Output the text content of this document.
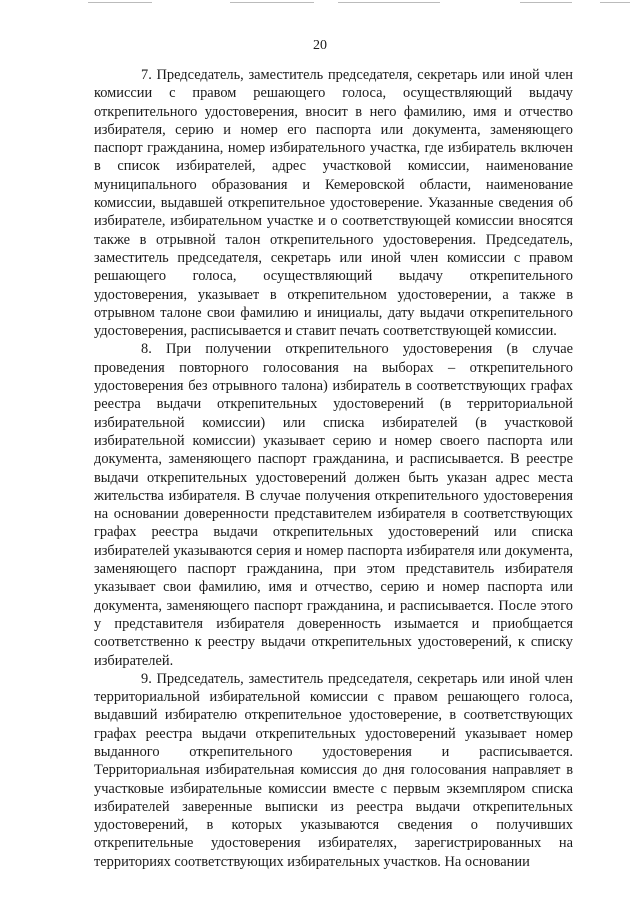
20

7. Председатель, заместитель председателя, секретарь или иной член комиссии с правом решающего голоса, осуществляющий выдачу открепительного удостоверения, вносит в него фамилию, имя и отчество избирателя, серию и номер его паспорта или документа, заменяющего паспорт гражданина, номер избирательного участка, где избиратель включен в список избирателей, адрес участковой комиссии, наименование муниципального образования и Кемеровской области, наименование комиссии, выдавшей открепительное удостоверение. Указанные сведения об избирателе, избирательном участке и о соответствующей комиссии вносятся также в отрывной талон открепительного удостоверения. Председатель, заместитель председателя, секретарь или иной член комиссии с правом решающего голоса, осуществляющий выдачу открепительного удостоверения, указывает в открепительном удостоверении, а также в отрывном талоне свои фамилию и инициалы, дату выдачи открепительного удостоверения, расписывается и ставит печать соответствующей комиссии.

8. При получении открепительного удостоверения (в случае проведения повторного голосования на выборах – открепительного удостоверения без отрывного талона) избиратель в соответствующих графах реестра выдачи открепительных удостоверений (в территориальной избирательной комиссии) или списка избирателей (в участковой избирательной комиссии) указывает серию и номер своего паспорта или документа, заменяющего паспорт гражданина, и расписывается. В реестре выдачи открепительных удостоверений должен быть указан адрес места жительства избирателя. В случае получения открепительного удостоверения на основании доверенности представителем избирателя в соответствующих графах реестра выдачи открепительных удостоверений или списка избирателей указываются серия и номер паспорта избирателя или документа, заменяющего паспорт гражданина, при этом представитель избирателя указывает свои фамилию, имя и отчество, серию и номер паспорта или документа, заменяющего паспорт гражданина, и расписывается. После этого у представителя избирателя доверенность изымается и приобщается соответственно к реестру выдачи открепительных удостоверений, к списку избирателей.

9. Председатель, заместитель председателя, секретарь или иной член территориальной избирательной комиссии с правом решающего голоса, выдавший избирателю открепительное удостоверение, в соответствующих графах реестра выдачи открепительных удостоверений указывает номер выданного открепительного удостоверения и расписывается. Территориальная избирательная комиссия до дня голосования направляет в участковые избирательные комиссии вместе с первым экземпляром списка избирателей заверенные выписки из реестра выдачи открепительных удостоверений, в которых указываются сведения о получивших открепительные удостоверения избирателях, зарегистрированных на территориях соответствующих избирательных участков. На основании
